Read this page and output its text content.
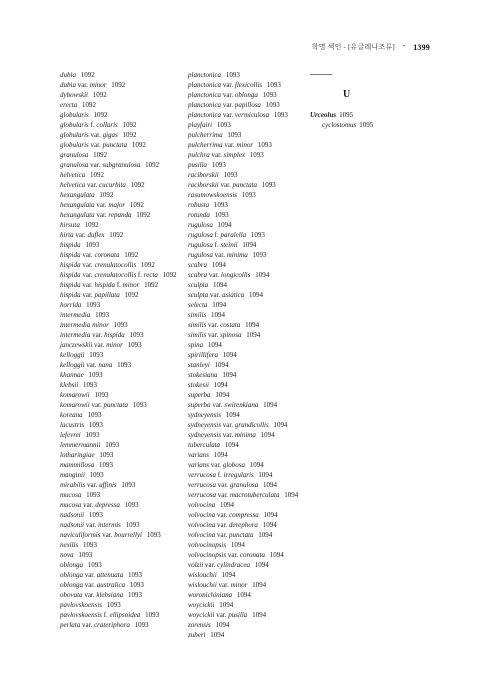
학명 색인 - [유글레나조류] • 1399
dubia 1092
dubia var. minor 1092
dybowskii 1092
erecta 1092
globularis 1092
globularis f. collaris 1092
globularis var. gigas 1092
globularis var. punctata 1092
granulosa 1092
granulosa var. subgranulosa 1092
helvetica 1092
helvetica var. cucurbita 1092
hexangulata 1092
hexangulata var. major 1092
hexangulata var. repanda 1092
hirsuta 1092
hirta var. duflex 1092
hispida 1093
hispida var. coronata 1092
hispida var. crenulatocollis 1092
hispida var. crenulatocollis f. recta 1092
hispida var. hispida f. minor 1092
hispida var. papillata 1092
horrida 1093
intermedia 1093
intermedia minor 1093
intermedia var. hispida 1093
janczewskii var. minor 1093
kelloggii 1093
kelloggii var. nana 1093
khannae 1093
klebsii 1093
komarowii 1093
komarowii var. punctata 1093
koreana 1093
lacustris 1093
lefevrei 1093
lemmermannii 1093
lotharingiae 1093
mammillosa 1093
manginii 1093
mirabilis var. affinis 1093
mucosa 1093
mucosa var. depressa 1093
nadsonii 1093
nadsonii var. intermis 1093
naviculiformis var. bourrellyi 1093
nexilis 1093
nova 1093
oblonga 1093
oblonga var. attenuata 1093
oblonga var. australica 1093
obovata var. klebsiana 1093
pavlovskoensis 1093
pavlovskoensis f. ellipsoidea 1093
perlata var. crateriphora 1093
planctonica 1093
planctonica var. flexicollis 1093
planctonica var. oblonga 1093
planctonica var. papillosa 1093
planctonica var. vermiculosa 1093
playfairi 1093
pulcherrima 1093
pulcherrima var. minor 1093
pulchra var. simplex 1093
pusilla 1093
raciborskii 1093
raciborskii var. punctata 1093
rasumowskoensis 1093
robusta 1093
rotunda 1093
rugulosa 1094
rugulosa f. paralella 1093
rugulosa f. steinii 1094
rugulosa var. minima 1093
scabra 1094
scabra var. longicollis 1094
sculpta 1094
sculpta var. asiatica 1094
selecta 1094
similis 1094
similis var. costata 1094
similis var. spinosa 1094
spina 1094
spirillifera 1094
stanleyi 1094
stokesiana 1094
stokesii 1094
superba 1094
superba var. swirenkiana 1094
sydneyensis 1094
sydneyensis var. grandicollis 1094
sydneyensis var. minima 1094
tuberculata 1094
varians 1094
varians var. globosa 1094
verrucosa f. irregularis 1094
verrucosa var. granulosa 1094
verrucosa var. macrotuberculata 1094
volvocina 1094
volvocina var. compressa 1094
volvocina var. derephora 1094
volvocina var. punctata 1094
volvocinopsis 1094
volvocinopsis var. coronata 1094
volzii var. cylindracea 1094
wislouchii 1094
wislouchii var. minor 1094
woronichiniana 1094
woycickii 1094
woycickii var. pusilla 1094
zorensis 1094
zuberi 1094
U
Urceolus 1095
cyclostomus 1095
